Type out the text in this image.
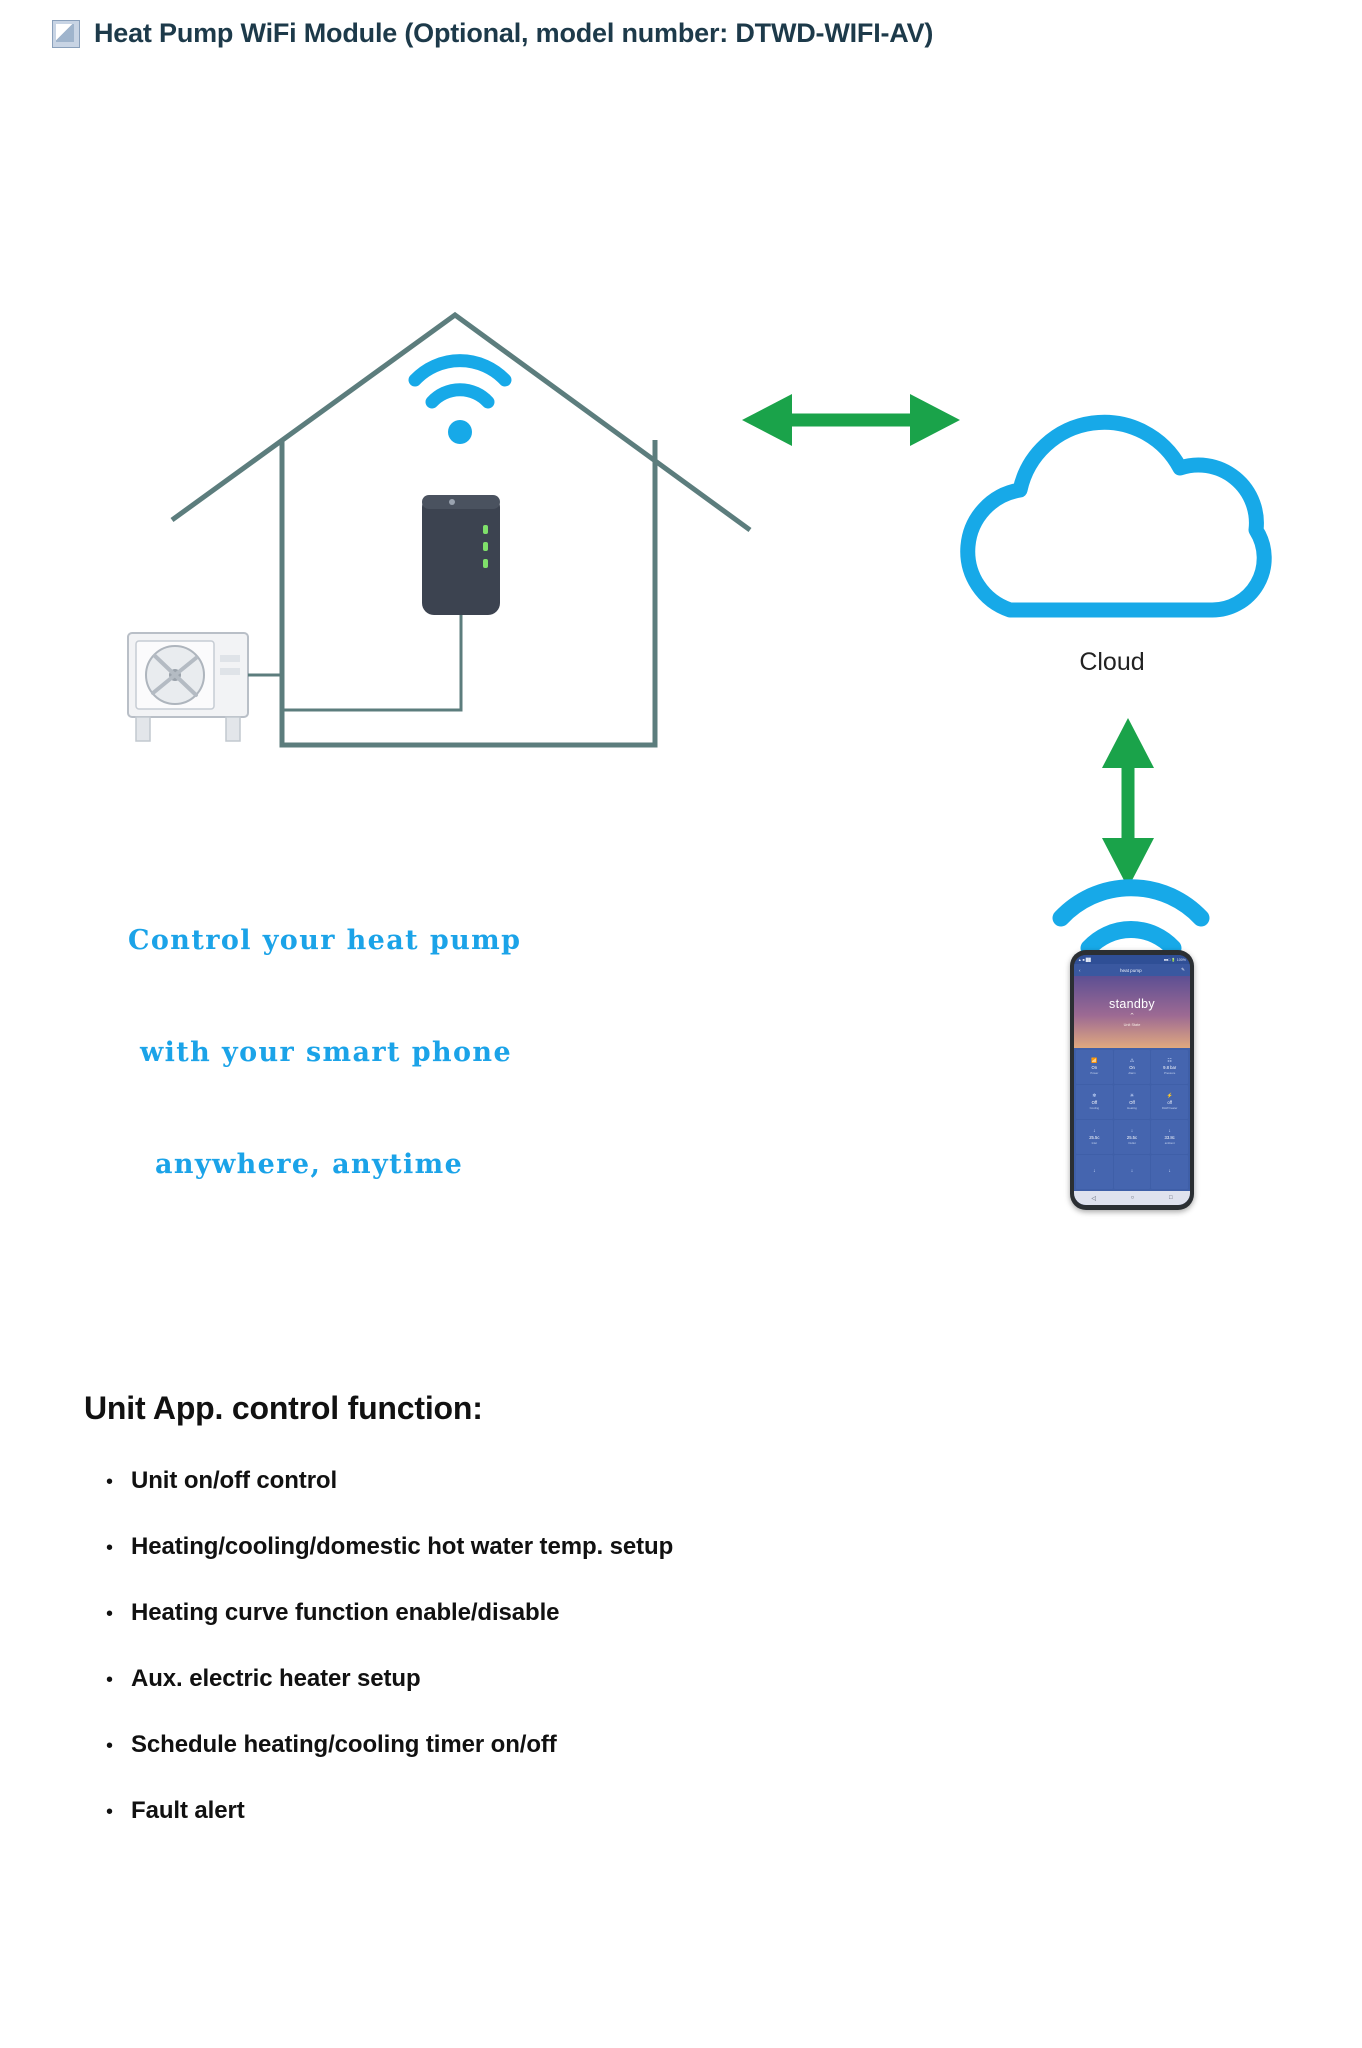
Heat Pump WiFi Module (Optional, model number: DTWD-WIFI-AV)
Cloud
Control your heat pump
with your smart phone
anywhere, anytime
▲ ■ ██	■■□ 🔋 100%
‹	heat pump	✎
standby
⌃
Unit State
📶
On
Power
⚠
On
Alarm
☷
9.8 bar
Pressure
❄
Off
Cooling
☀
Off
Heating
⚡
off
DHW heater
↓
25.5c
Inlet
↓
25.5c
Outlet
↓
33.8c
ambient
↓	↓	↓
◁	○	□
Unit App. control function:
• Unit on/off control
• Heating/cooling/domestic hot water temp. setup
• Heating curve function enable/disable
• Aux. electric heater setup
• Schedule heating/cooling timer on/off
• Fault alert
